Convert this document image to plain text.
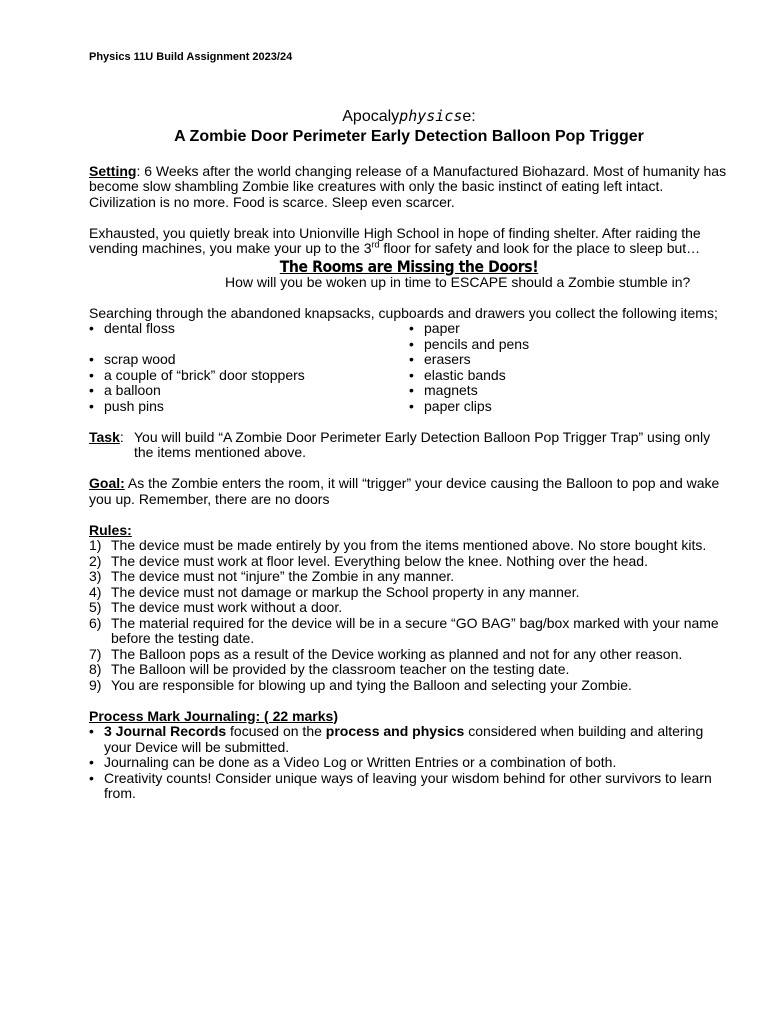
Physics 11U Build Assignment 2023/24

Apocalyphysicse:
A Zombie Door Perimeter Early Detection Balloon Pop Trigger

Setting: 6 Weeks after the world changing release of a Manufactured Biohazard. Most of humanity has become slow shambling Zombie like creatures with only the basic instinct of eating left intact. Civilization is no more. Food is scarce. Sleep even scarcer.

Exhausted, you quietly break into Unionville High School in hope of finding shelter. After raiding the vending machines, you make your up to the 3rd floor for safety and look for the place to sleep but…

The Rooms are Missing the Doors!

How will you be woken up in time to ESCAPE should a Zombie stumble in?

Searching through the abandoned knapsacks, cupboards and drawers you collect the following items;

• dental floss
• scrap wood
• a couple of “brick” door stoppers
• a balloon
• push pins
• paper
• pencils and pens
• erasers
• elastic bands
• magnets
• paper clips
Task: You will build “A Zombie Door Perimeter Early Detection Balloon Pop Trigger Trap” using only the items mentioned above.

Goal: As the Zombie enters the room, it will “trigger” your device causing the Balloon to pop and wake you up. Remember, there are no doors

Rules:

1) The device must be made entirely by you from the items mentioned above. No store bought kits.
2) The device must work at floor level. Everything below the knee. Nothing over the head.
3) The device must not “injure” the Zombie in any manner.
4) The device must not damage or markup the School property in any manner.
5) The device must work without a door.
6) The material required for the device will be in a secure “GO BAG” bag/box marked with your name before the testing date.
7) The Balloon pops as a result of the Device working as planned and not for any other reason.
8) The Balloon will be provided by the classroom teacher on the testing date.
9) You are responsible for blowing up and tying the Balloon and selecting your Zombie.

Process Mark Journaling: ( 22 marks)

• 3 Journal Records focused on the process and physics considered when building and altering your Device will be submitted.
• Journaling can be done as a Video Log or Written Entries or a combination of both.
• Creativity counts! Consider unique ways of leaving your wisdom behind for other survivors to learn from.
